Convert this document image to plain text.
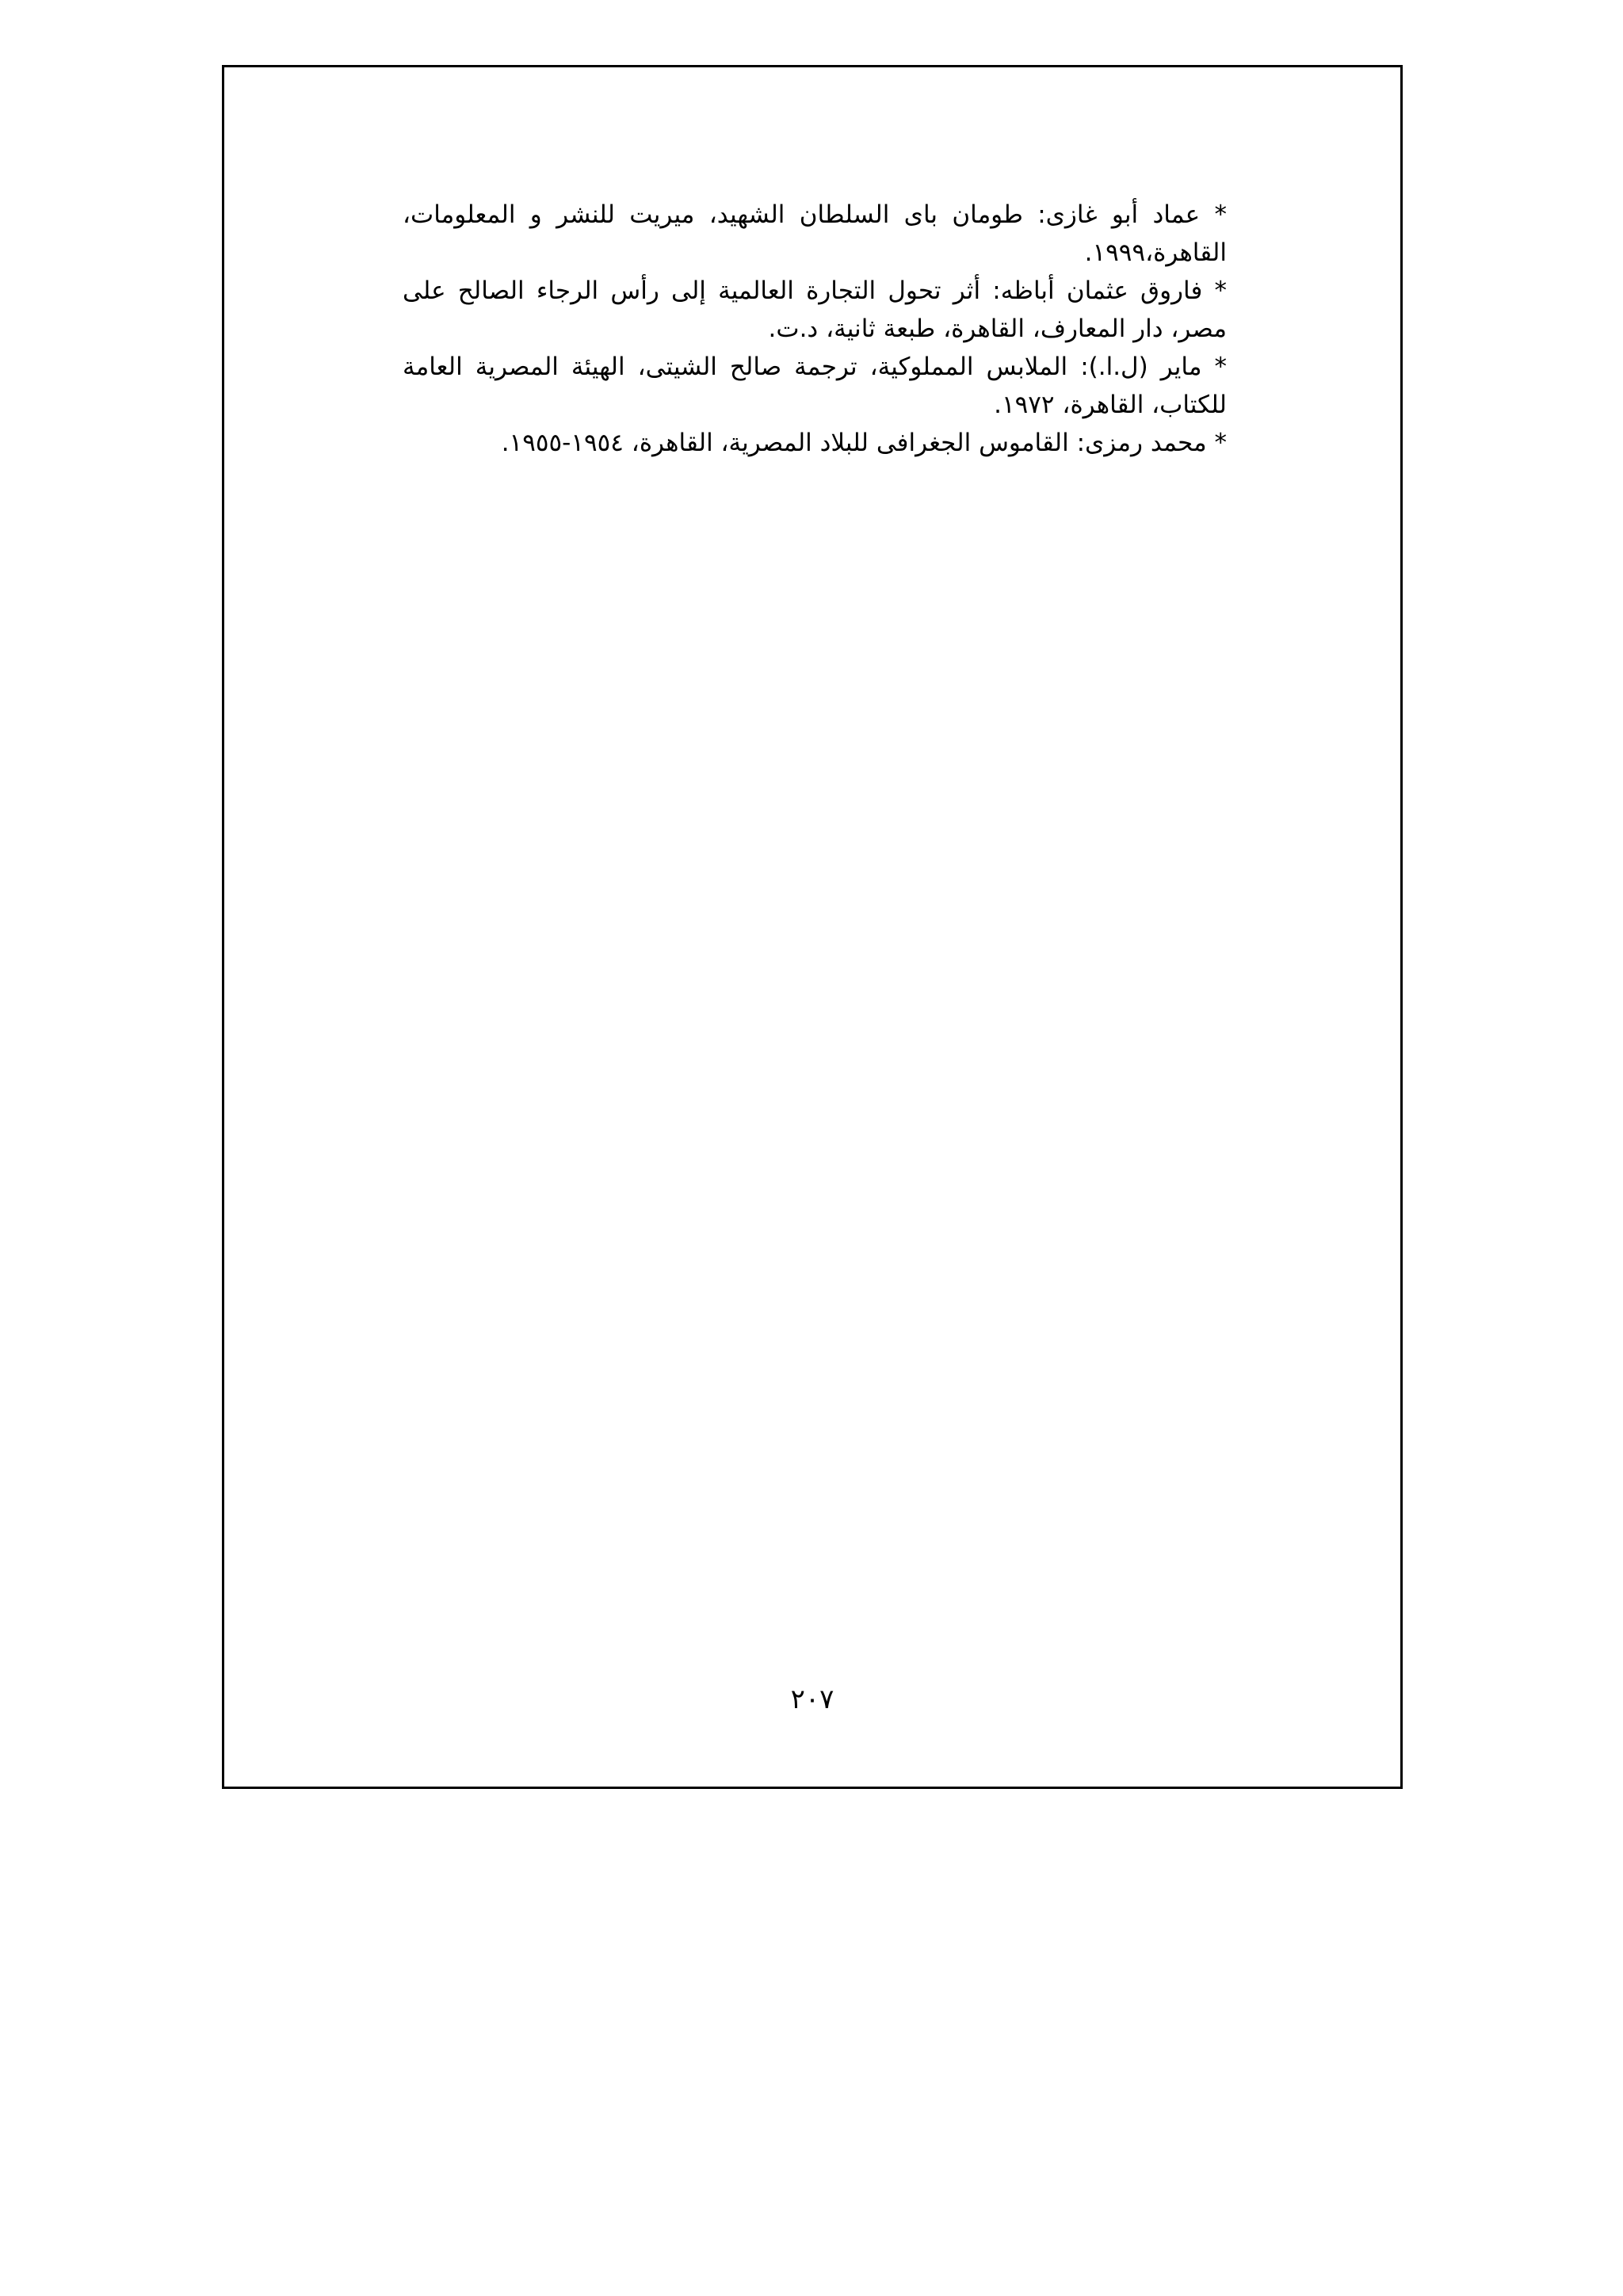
* عماد أبو غازى: طومان باى السلطان الشهيد، ميريت للنشر و المعلومات، القاهرة،١٩٩٩.

* فاروق عثمان أباظه: أثر تحول التجارة العالمية إلى رأس الرجاء الصالح على مصر، دار المعارف، القاهرة، طبعة ثانية، د.ت.

* ماير (ل.ا.): الملابس المملوكية، ترجمة صالح الشيتى، الهيئة المصرية العامة للكتاب، القاهرة، ١٩٧٢.

* محمد رمزى: القاموس الجغرافى للبلاد المصرية، القاهرة، ١٩٥٤-١٩٥٥.

٢٠٧
